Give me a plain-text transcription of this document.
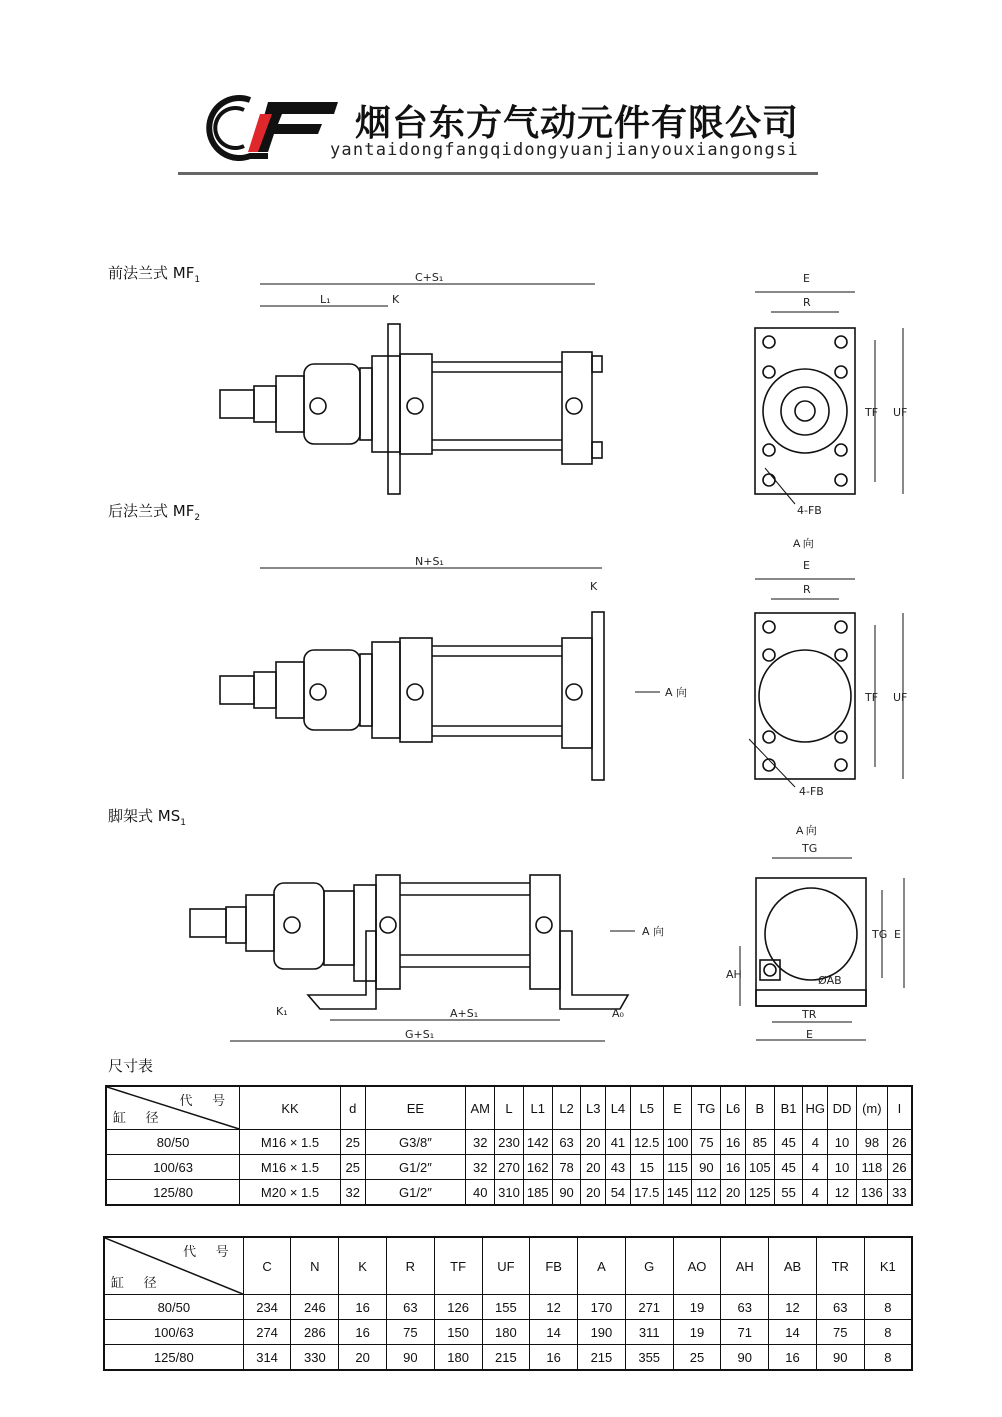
烟台东方气动元件有限公司
yantaidongfangqidongyuanjianyouxiangongsi
前法兰式 $MF_1$
后法兰式 $MF_2$
脚架式 $MS_1$
尺寸表
C+S₁
L₁	K
E
R
TF UF
4-FB
A 向
N+S₁
K
A 向
E
R
TF UF
4-FB
A 向
A+S₁
G+S₁
K₁	A₀
A 向
TG
TG E
AH	ØAB
TR
E
代 号
缸 径	KK	d	EE	AM	L	L1	L2	L3	L4	L5	E	TG	L6	B	B1	HG	DD	(m)	I
80/50	M16 × 1.5	25	G3/8″	32	230	142	63	20	41	12.5	100	75	16	85	45	4	10	98	26
100/63	M16 × 1.5	25	G1/2″	32	270	162	78	20	43	15	115	90	16	105	45	4	10	118	26
125/80	M20 × 1.5	32	G1/2″	40	310	185	90	20	54	17.5	145	112	20	125	55	4	12	136	33
代 号
缸 径	C	N	K	R	TF	UF	FB	A	G	AO	AH	AB	TR	K1
80/50	234	246	16	63	126	155	12	170	271	19	63	12	63	8
100/63	274	286	16	75	150	180	14	190	311	19	71	14	75	8
125/80	314	330	20	90	180	215	16	215	355	25	90	16	90	8
